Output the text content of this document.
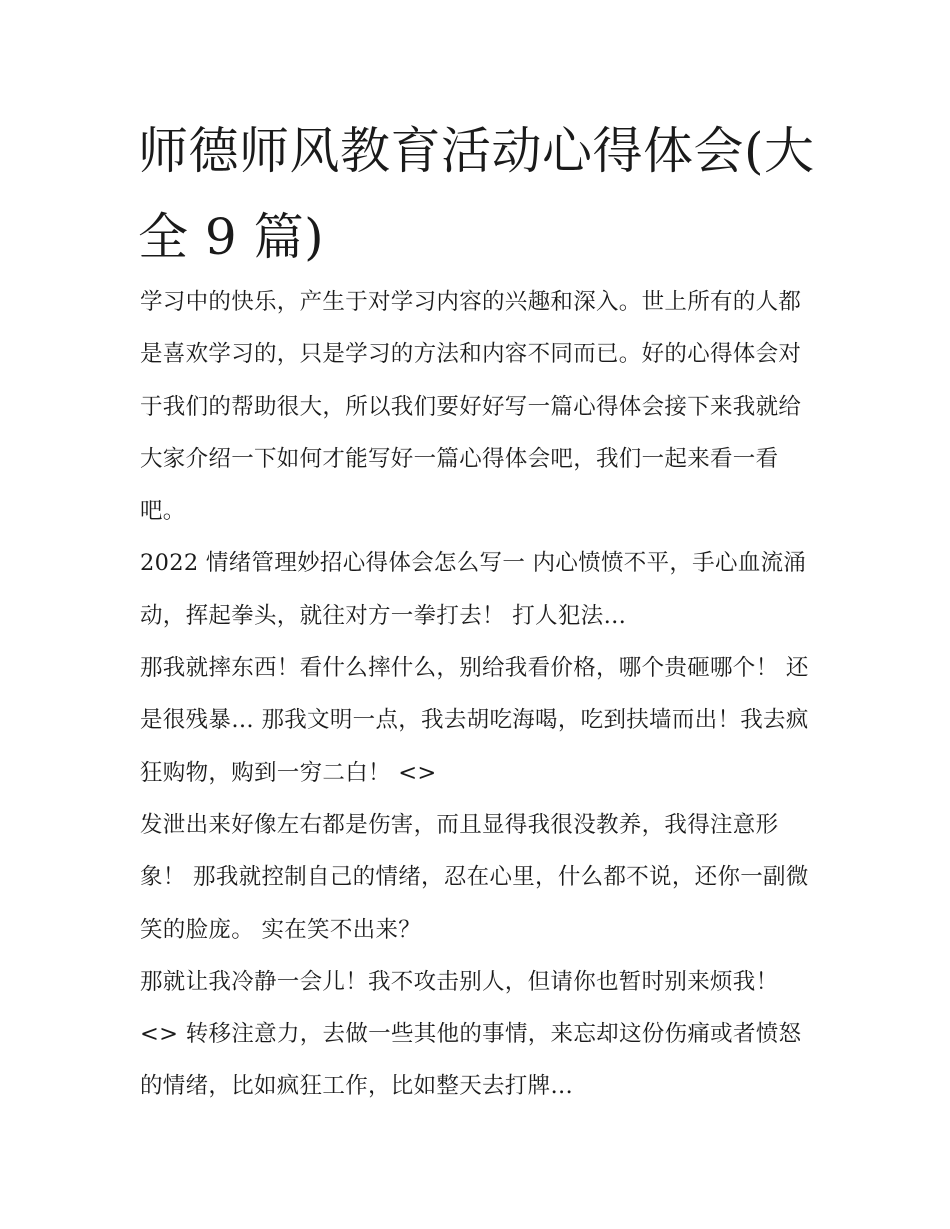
师德师风教育活动心得体会(大全 9 篇)

学习中的快乐，产生于对学习内容的兴趣和深入。世上所有的人都是喜欢学习的，只是学习的方法和内容不同而已。好的心得体会对于我们的帮助很大，所以我们要好好写一篇心得体会接下来我就给大家介绍一下如何才能写好一篇心得体会吧，我们一起来看一看吧。

2022 情绪管理妙招心得体会怎么写一 内心愤愤不平，手心血流涌动，挥起拳头，就往对方一拳打去！ 打人犯法…

那我就摔东西！看什么摔什么，别给我看价格，哪个贵砸哪个！ 还是很残暴… 那我文明一点，我去胡吃海喝，吃到扶墙而出！我去疯狂购物，购到一穷二白！ <>

发泄出来好像左右都是伤害，而且显得我很没教养，我得注意形象！ 那我就控制自己的情绪，忍在心里，什么都不说，还你一副微笑的脸庞。 实在笑不出来？

那就让我冷静一会儿！我不攻击别人，但请你也暂时别来烦我！ <> 转移注意力，去做一些其他的事情，来忘却这份伤痛或者愤怒的情绪，比如疯狂工作，比如整天去打牌…
